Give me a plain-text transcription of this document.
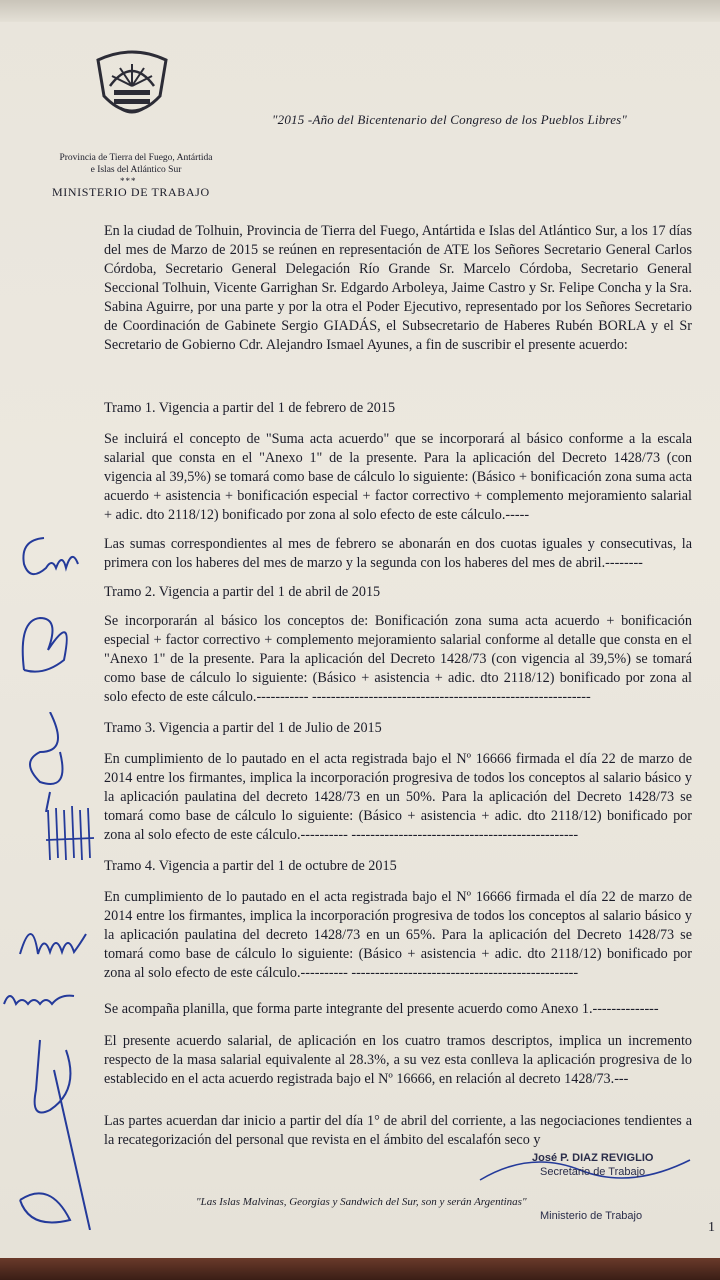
"2015 -Año del Bicentenario del Congreso de los Pueblos Libres"
Provincia de Tierra del Fuego, Antártida
e Islas del Atlántico Sur
***
MINISTERIO DE TRABAJO
En la ciudad de Tolhuin, Provincia de Tierra del Fuego, Antártida e Islas del Atlántico Sur, a los 17 días del mes de Marzo de 2015 se reúnen en representación de ATE los Señores Secretario General Carlos Córdoba, Secretario General Delegación Río Grande Sr. Marcelo Córdoba, Secretario General Seccional Tolhuin, Vicente Garrighan Sr. Edgardo Arboleya, Jaime Castro y Sr. Felipe Concha y la Sra. Sabina Aguirre, por una parte y por la otra el Poder Ejecutivo, representado por los Señores Secretario de Coordinación de Gabinete Sergio GIADÁS, el Subsecretario de Haberes Rubén BORLA y el Sr Secretario de Gobierno Cdr. Alejandro Ismael Ayunes, a fin de suscribir el presente acuerdo:
Tramo 1. Vigencia a partir del 1 de febrero de 2015
Se incluirá el concepto de "Suma acta acuerdo" que se incorporará al básico conforme a la escala salarial que consta en el "Anexo 1" de la presente. Para la aplicación del Decreto 1428/73 (con vigencia al 39,5%) se tomará como base de cálculo lo siguiente: (Básico + bonificación zona suma acta acuerdo + asistencia + bonificación especial + factor correctivo + complemento mejoramiento salarial + adic. dto 2118/12) bonificado por zona al solo efecto de este cálculo.-----
Las sumas correspondientes al mes de febrero se abonarán en dos cuotas iguales y consecutivas, la primera con los haberes del mes de marzo y la segunda con los haberes del mes de abril.--------
Tramo 2. Vigencia a partir del 1 de abril de 2015
Se incorporarán al básico los conceptos de: Bonificación zona suma acta acuerdo + bonificación especial + factor correctivo + complemento mejoramiento salarial conforme al detalle que consta en el "Anexo 1" de la presente. Para la aplicación del Decreto 1428/73 (con vigencia al 39,5%) se tomará como base de cálculo lo siguiente: (Básico + asistencia + adic. dto 2118/12) bonificado por zona al solo efecto de este cálculo.----------- -----------------------------------------------------------
Tramo 3. Vigencia a partir del 1 de Julio de 2015
En cumplimiento de lo pautado en el acta registrada bajo el Nº 16666 firmada el día 22 de marzo de 2014 entre los firmantes, implica la incorporación progresiva de todos los conceptos al salario básico y la aplicación paulatina del decreto 1428/73 en un 50%. Para la aplicación del Decreto 1428/73 se tomará como base de cálculo lo siguiente: (Básico + asistencia + adic. dto 2118/12) bonificado por zona al solo efecto de este cálculo.---------- ------------------------------------------------
Tramo 4. Vigencia a partir del 1 de octubre de 2015
En cumplimiento de lo pautado en el acta registrada bajo el Nº 16666 firmada el día 22 de marzo de 2014 entre los firmantes, implica la incorporación progresiva de todos los conceptos al salario básico y la aplicación paulatina del decreto 1428/73 en un 65%. Para la aplicación del Decreto 1428/73 se tomará como base de cálculo lo siguiente: (Básico + asistencia + adic. dto 2118/12) bonificado por zona al solo efecto de este cálculo.---------- ------------------------------------------------
Se acompaña planilla, que forma parte integrante del presente acuerdo como Anexo 1.--------------
El presente acuerdo salarial, de aplicación en los cuatro tramos descriptos, implica un incremento respecto de la masa salarial equivalente al 28.3%, a su vez esta conlleva la aplicación progresiva de lo establecido en el acta acuerdo registrada bajo el Nº 16666, en relación al decreto 1428/73.---
Las partes acuerdan dar inicio a partir del día 1° de abril del corriente, a las negociaciones tendientes a la recategorización del personal que revista en el ámbito del escalafón seco y
José P. DIAZ REVIGLIO
Secretario de Trabajo
Ministerio de Trabajo
"Las Islas Malvinas, Georgias y Sandwich del Sur, son y serán Argentinas"
1
